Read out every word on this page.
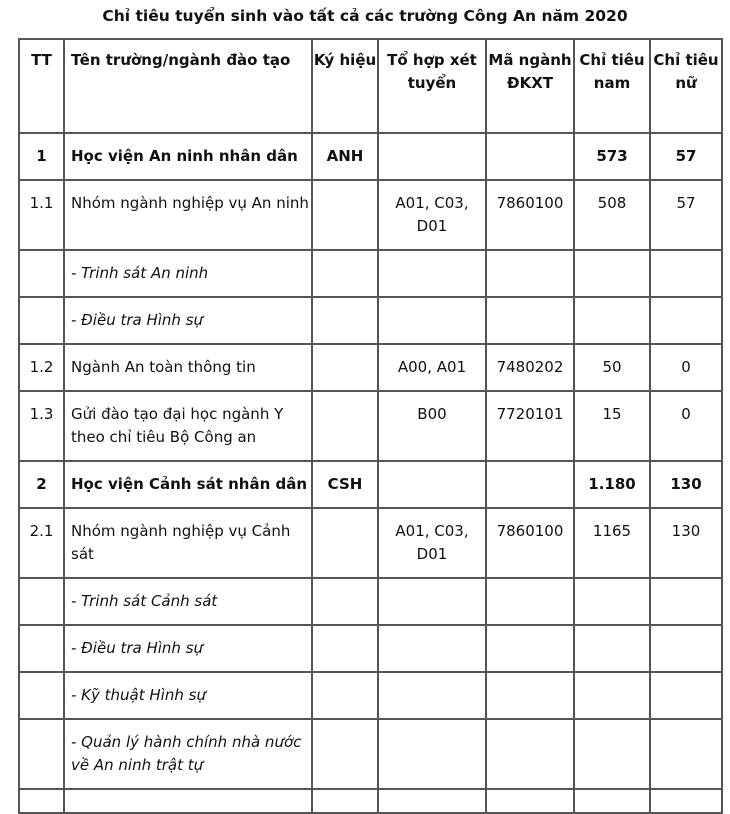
Chỉ tiêu tuyển sinh vào tất cả các trường Công An năm 2020
TT	Tên trường/ngành đào tạo	Ký hiệu	Tổ hợp xét tuyển	Mã ngành ĐKXT	Chỉ tiêu nam	Chỉ tiêu nữ
1	Học viện An ninh nhân dân	ANH			573	57
1.1	Nhóm ngành nghiệp vụ An ninh		A01, C03, D01	7860100	508	57
	- Trinh sát An ninh					
	- Điều tra Hình sự					
1.2	Ngành An toàn thông tin		A00, A01	7480202	50	0
1.3	Gửi đào tạo đại học ngành Y theo chỉ tiêu Bộ Công an		B00	7720101	15	0
2	Học viện Cảnh sát nhân dân	CSH			1.180	130
2.1	Nhóm ngành nghiệp vụ Cảnh sát		A01, C03, D01	7860100	1165	130
	- Trinh sát Cảnh sát					
	- Điều tra Hình sự					
	- Kỹ thuật Hình sự					
	- Quản lý hành chính nhà nước về An ninh trật tự					
